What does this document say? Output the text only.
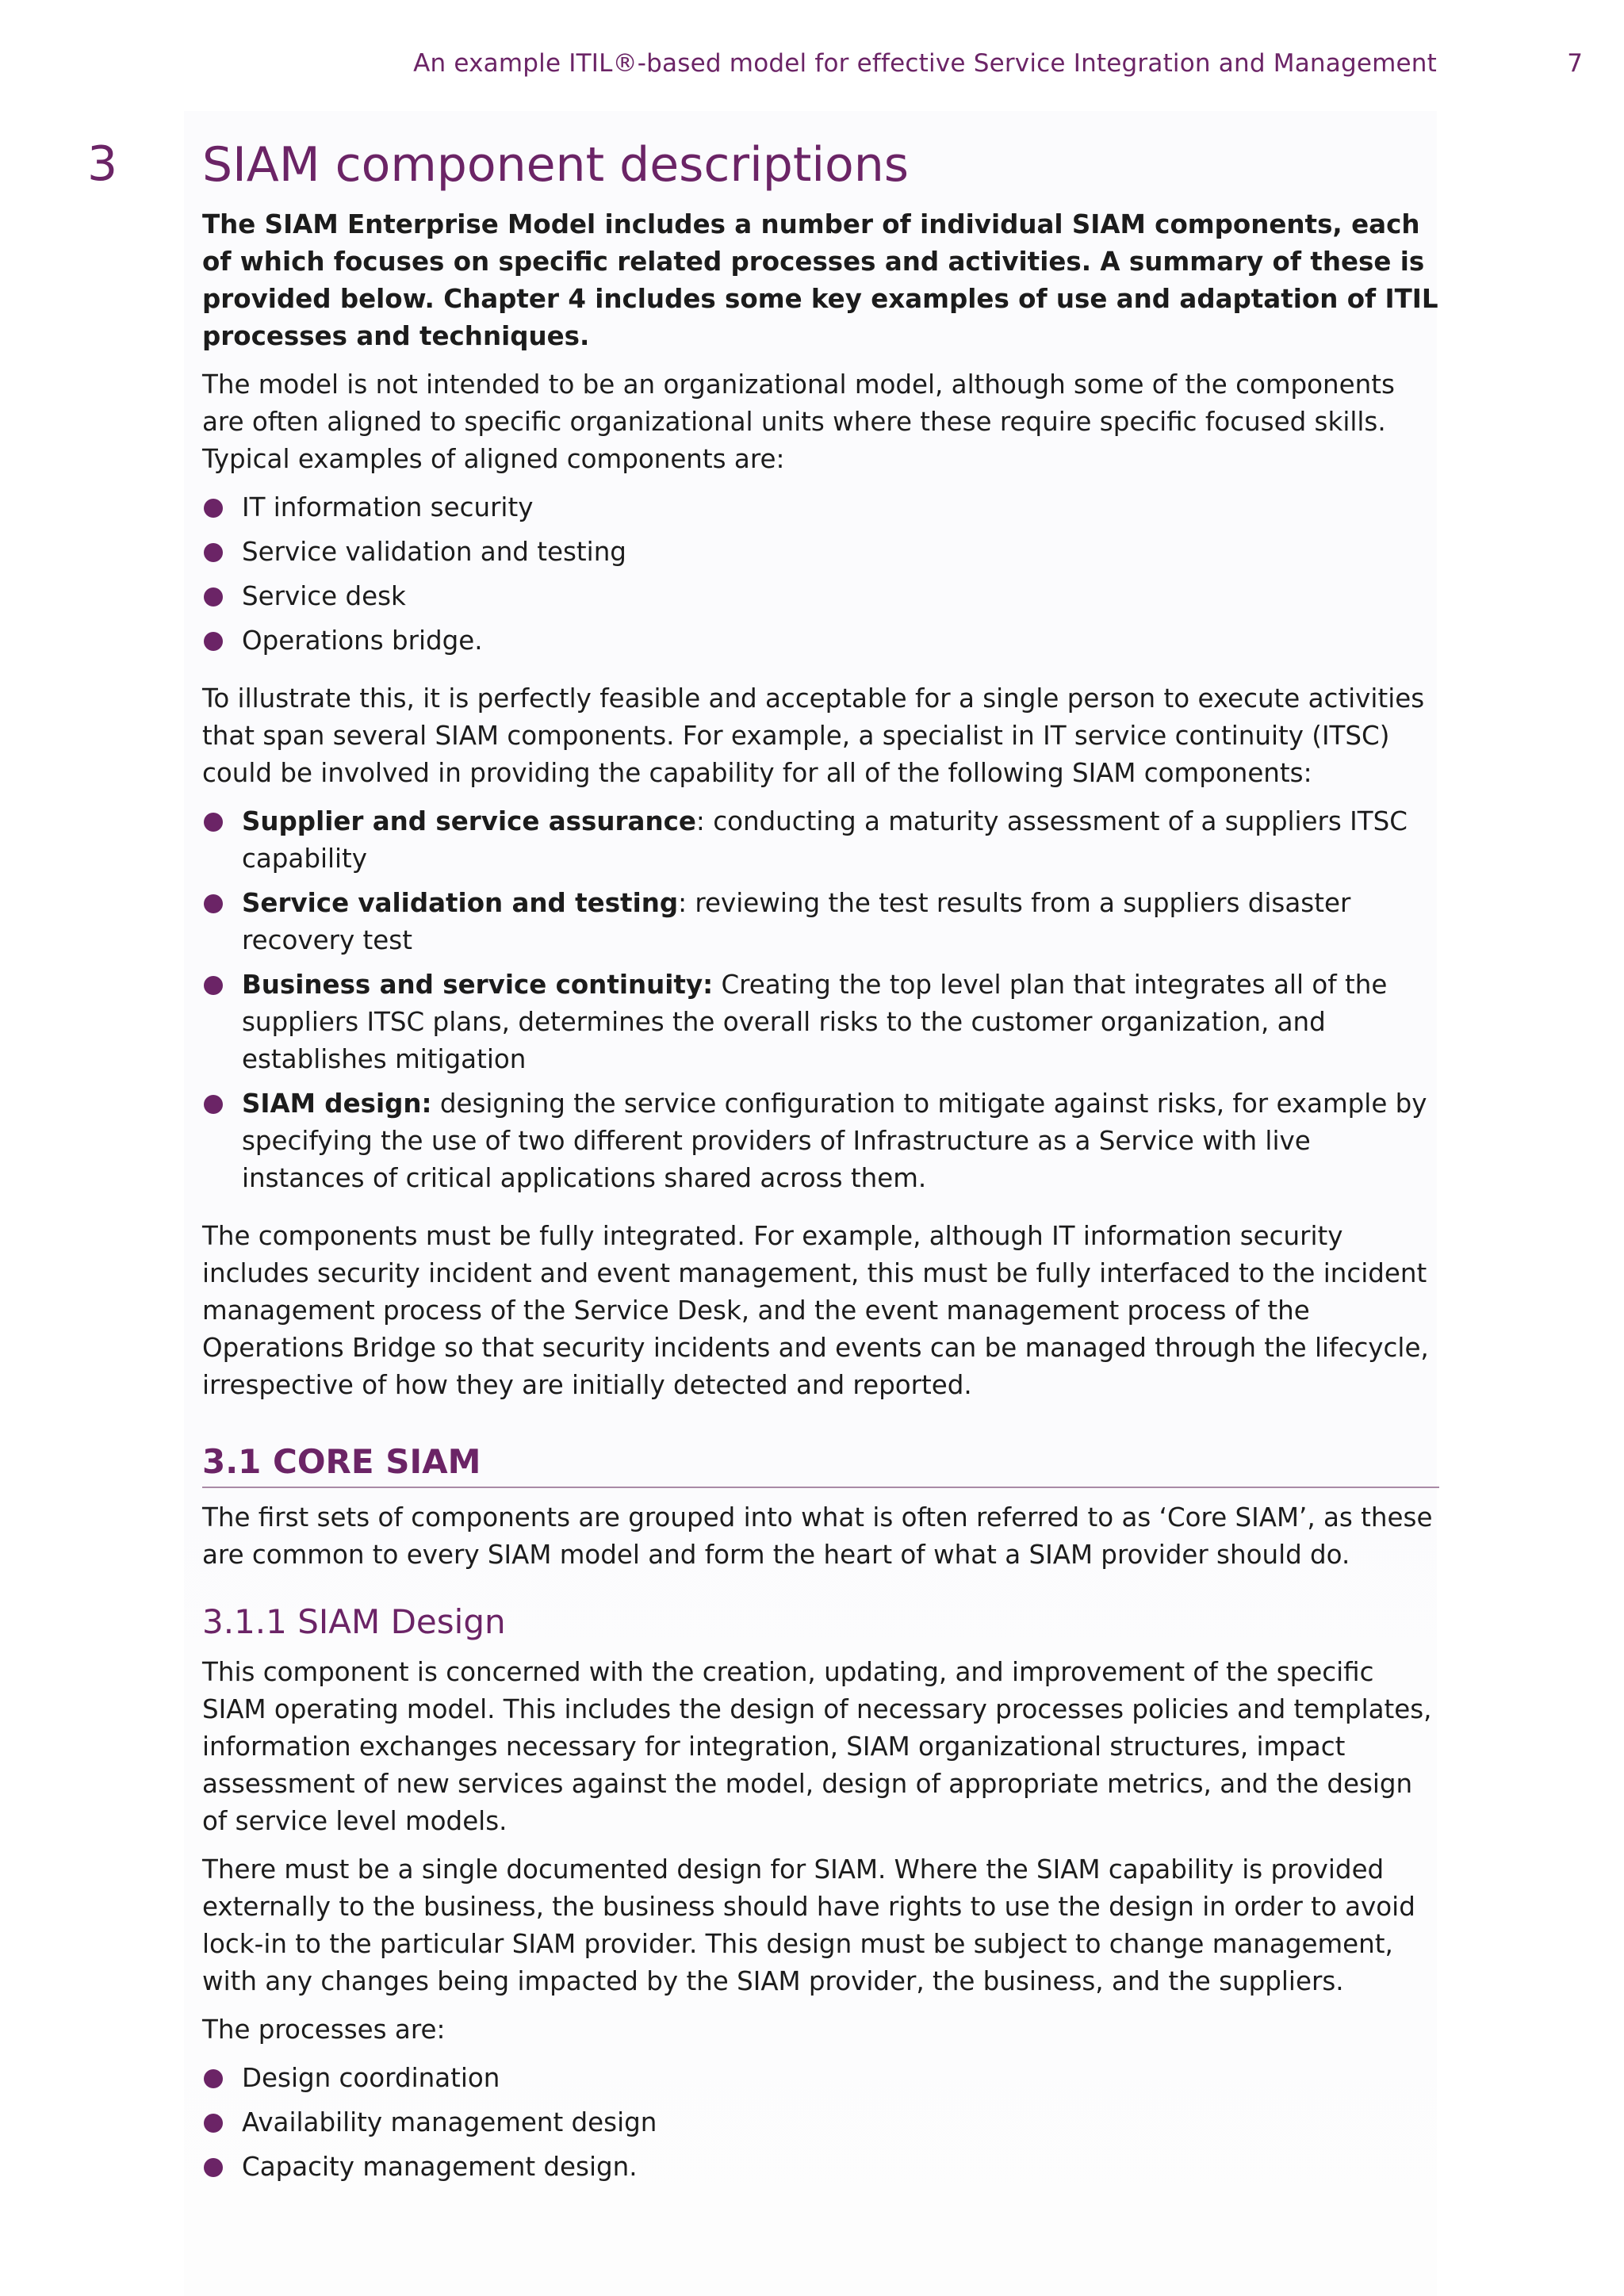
An example ITIL®-based model for effective Service Integration and Management	7
3 SIAM component descriptions

The SIAM Enterprise Model includes a number of individual SIAM components, each of which focuses on specific related processes and activities. A summary of these is provided below. Chapter 4 includes some key examples of use and adaptation of ITIL processes and techniques.

The model is not intended to be an organizational model, although some of the components are often aligned to specific organizational units where these require specific focused skills. Typical examples of aligned components are:

IT information security
Service validation and testing
Service desk
Operations bridge.

To illustrate this, it is perfectly feasible and acceptable for a single person to execute activities that span several SIAM components. For example, a specialist in IT service continuity (ITSC) could be involved in providing the capability for all of the following SIAM components:

Supplier and service assurance: conducting a maturity assessment of a suppliers ITSC capability
Service validation and testing: reviewing the test results from a suppliers disaster recovery test
Business and service continuity: Creating the top level plan that integrates all of the suppliers ITSC plans, determines the overall risks to the customer organization, and establishes mitigation
SIAM design: designing the service configuration to mitigate against risks, for example by specifying the use of two different providers of Infrastructure as a Service with live instances of critical applications shared across them.

The components must be fully integrated. For example, although IT information security includes security incident and event management, this must be fully interfaced to the incident management process of the Service Desk, and the event management process of the Operations Bridge so that security incidents and events can be managed through the lifecycle, irrespective of how they are initially detected and reported.

3.1 CORE SIAM

The first sets of components are grouped into what is often referred to as ‘Core SIAM’, as these are common to every SIAM model and form the heart of what a SIAM provider should do.

3.1.1 SIAM Design

This component is concerned with the creation, updating, and improvement of the specific SIAM operating model. This includes the design of necessary processes policies and templates, information exchanges necessary for integration, SIAM organizational structures, impact assessment of new services against the model, design of appropriate metrics, and the design of service level models.

There must be a single documented design for SIAM. Where the SIAM capability is provided externally to the business, the business should have rights to use the design in order to avoid lock-in to the particular SIAM provider. This design must be subject to change management, with any changes being impacted by the SIAM provider, the business, and the suppliers.

The processes are:

Design coordination
Availability management design
Capacity management design.
